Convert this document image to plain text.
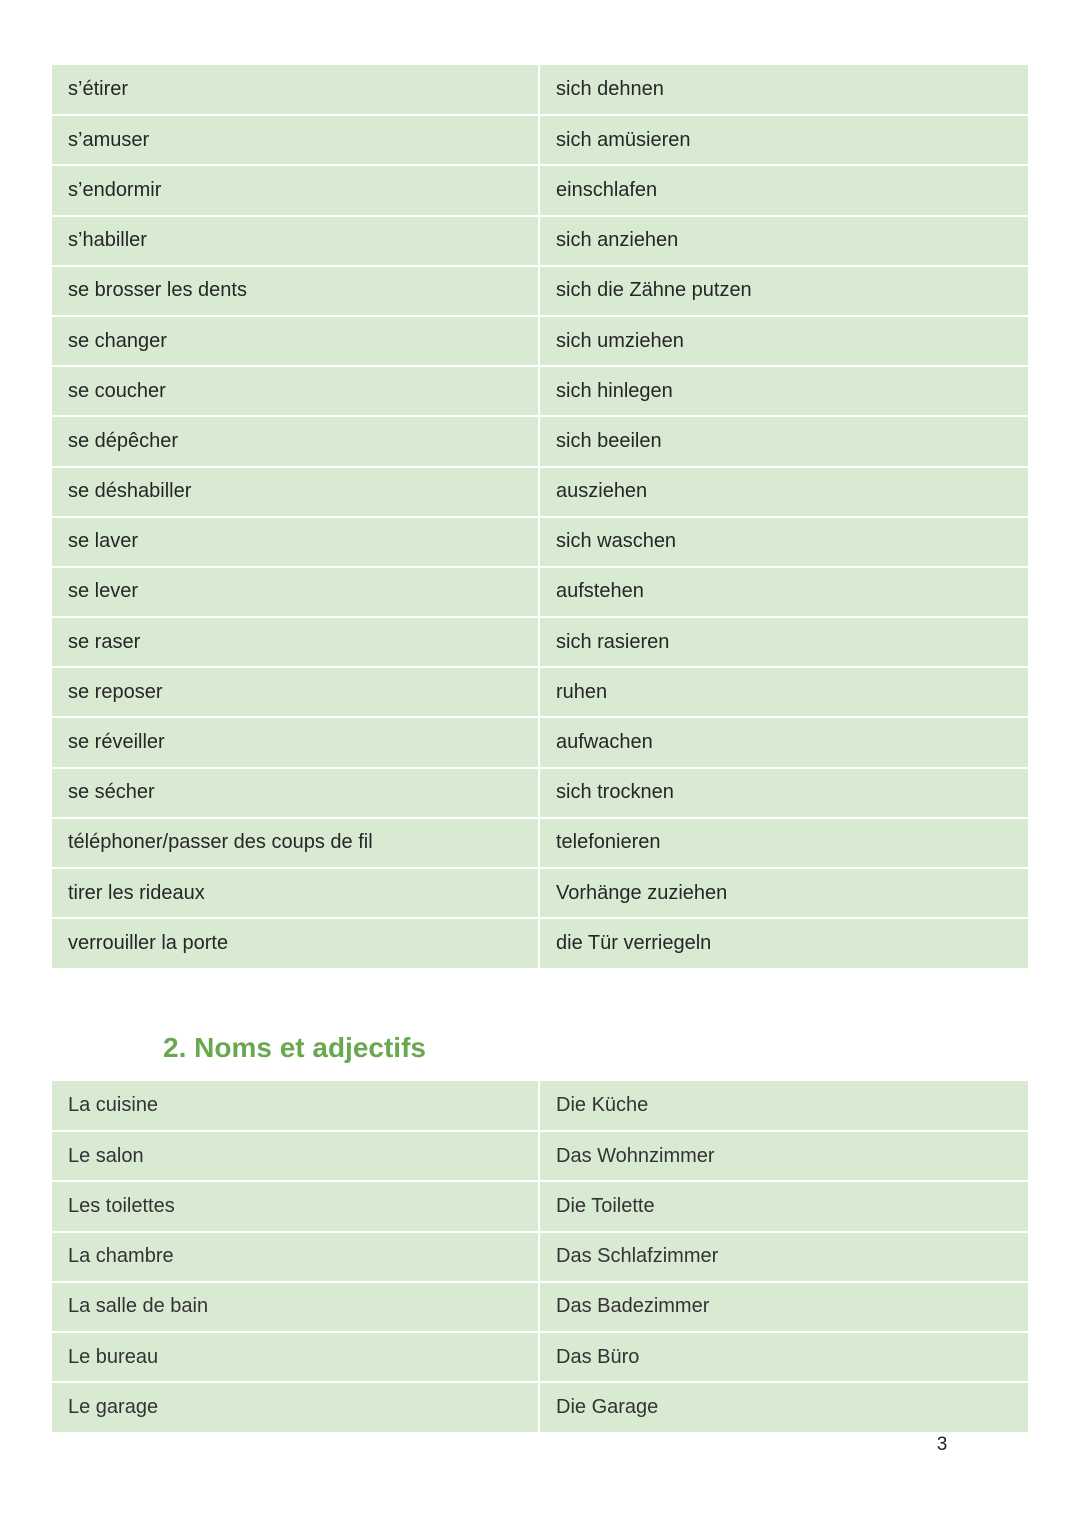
s’étirer	sich dehnen
s’amuser	sich amüsieren
s’endormir	einschlafen
s’habiller	sich anziehen
se brosser les dents	sich die Zähne putzen
se changer	sich umziehen
se coucher	sich hinlegen
se dépêcher	sich beeilen
se déshabiller	ausziehen
se laver	sich waschen
se lever	aufstehen
se raser	sich rasieren
se reposer	ruhen
se réveiller	aufwachen
se sécher	sich trocknen
téléphoner/passer des coups de fil	telefonieren
tirer les rideaux	Vorhänge zuziehen
verrouiller la porte	die Tür verriegeln
2. Noms et adjectifs
La cuisine	Die Küche
Le salon	Das Wohnzimmer
Les toilettes	Die Toilette
La chambre	Das Schlafzimmer
La salle de bain	Das Badezimmer
Le bureau	Das Büro
Le garage	Die Garage
3
